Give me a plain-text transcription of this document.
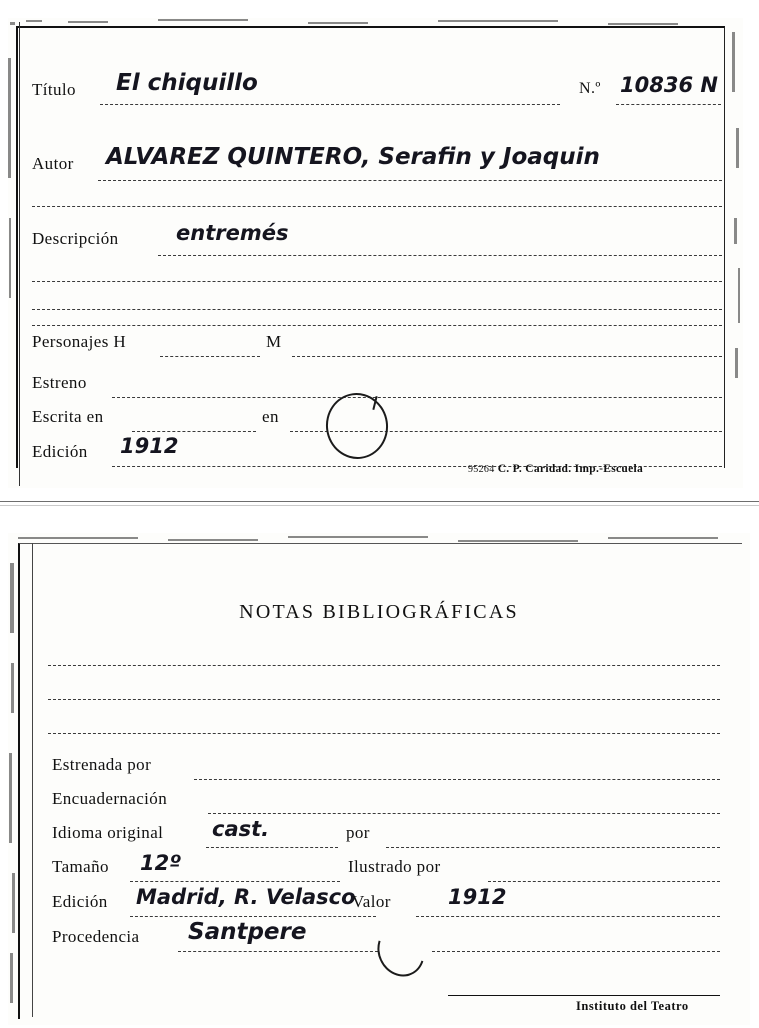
Título El chiquillo	N.º 10836 N
Autor ALVAREZ QUINTERO, Serafin y Joaquin
Descripción	entremés
Personajes H	M
Estreno
Escrita en	en
Edición 1912
95264 C. P. Caridad. Imp.-Escuela
NOTAS BIBLIOGRÁFICAS
Estrenada por
Encuadernación
Idioma original cast.	por
Tamaño 12º	Ilustrado por
Edición Madrid, R. Velasco
Valor	1912
Procedencia Santpere
Instituto del Teatro
